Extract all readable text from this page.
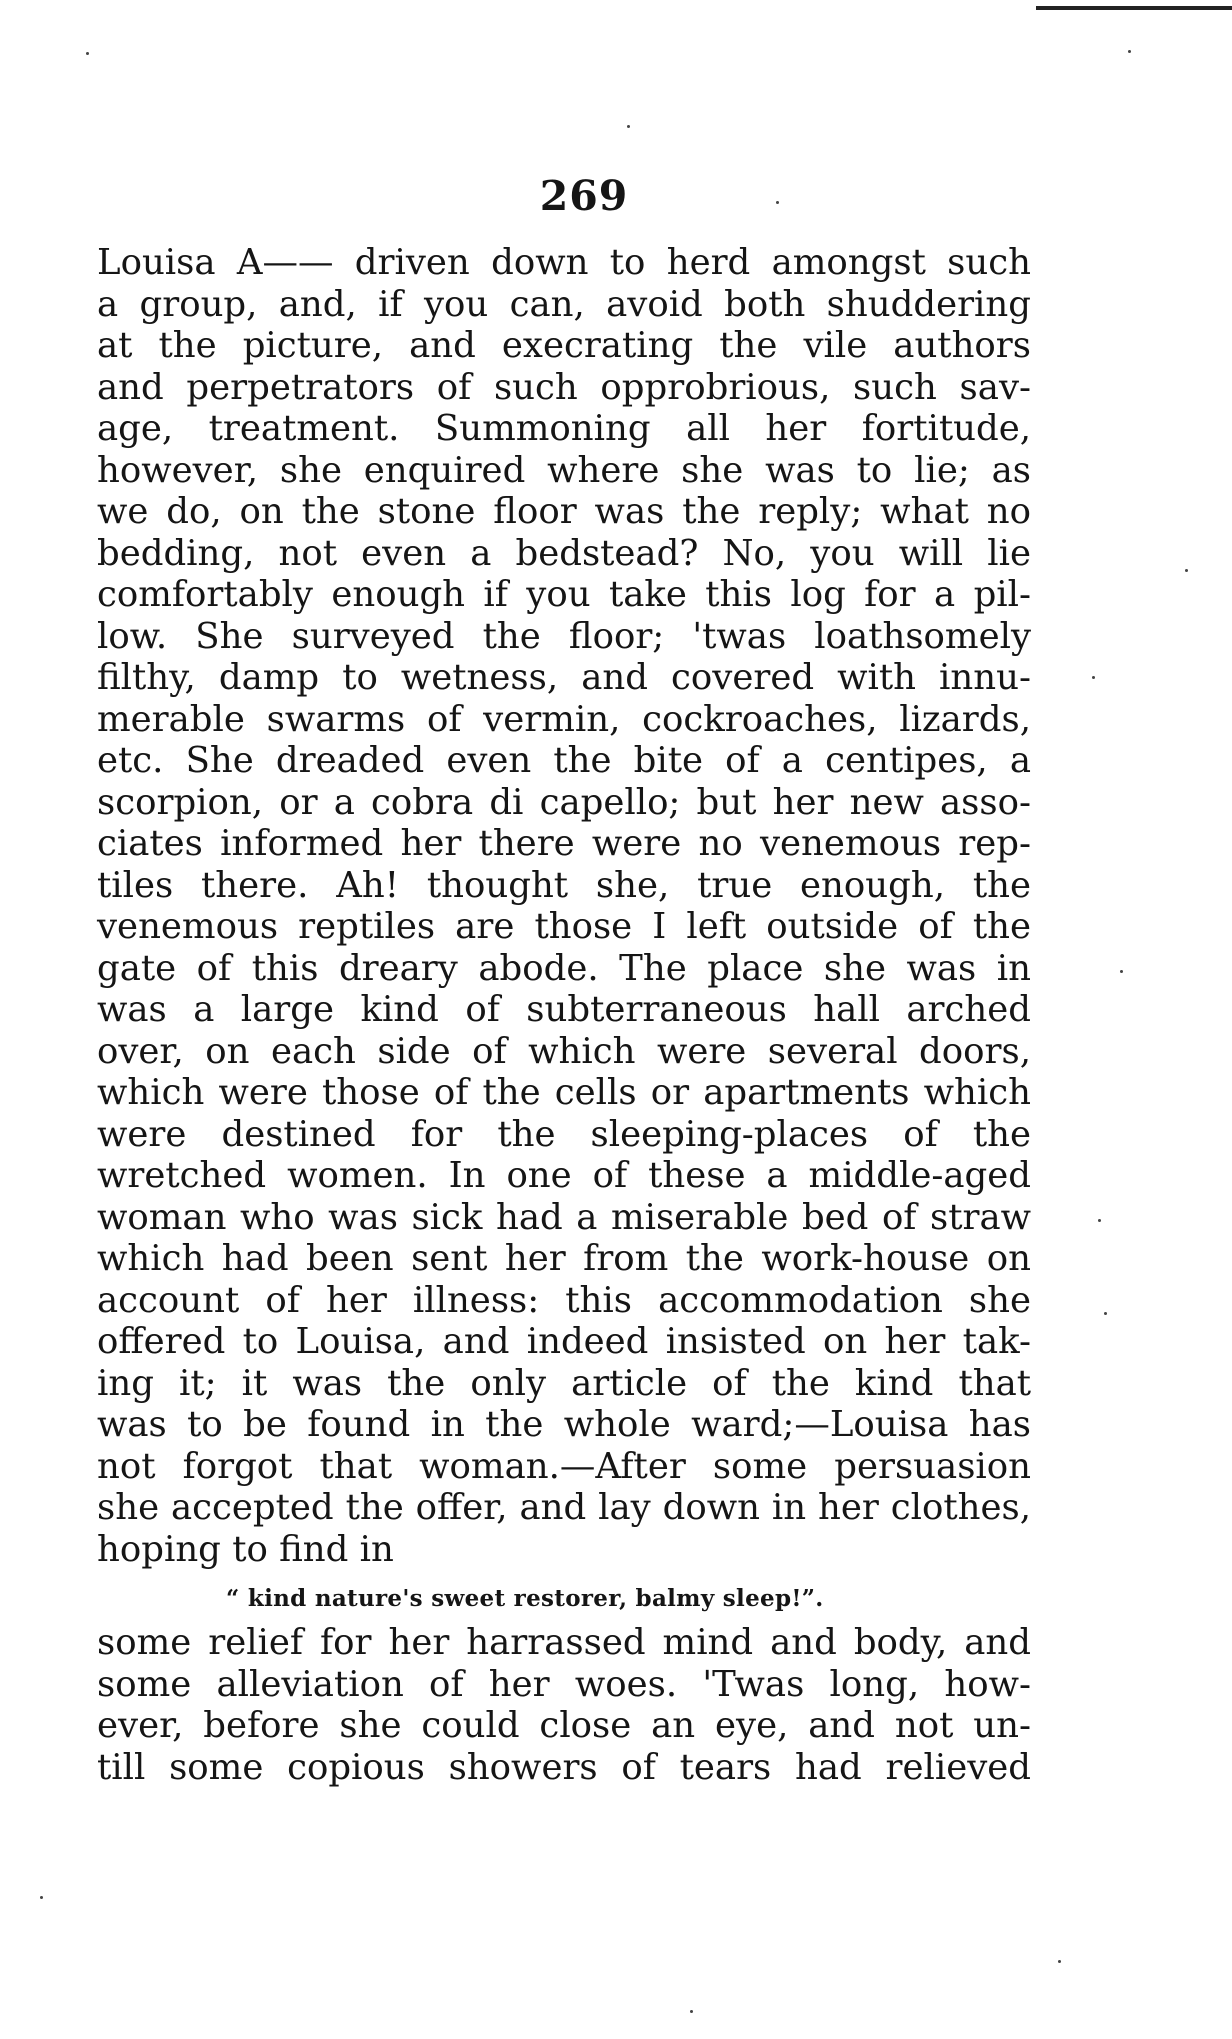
269
Louisa A—— driven down to herd amongst such
a group, and, if you can, avoid both shuddering
at the picture, and execrating the vile authors
and perpetrators of such opprobrious, such sav-
age, treatment. Summoning all her fortitude,
however, she enquired where she was to lie; as
we do, on the stone floor was the reply; what no
bedding, not even a bedstead? No, you will lie
comfortably enough if you take this log for a pil-
low. She surveyed the floor; 'twas loathsomely
filthy, damp to wetness, and covered with innu-
merable swarms of vermin, cockroaches, lizards,
etc. She dreaded even the bite of a centipes, a
scorpion, or a cobra di capello; but her new asso-
ciates informed her there were no venemous rep-
tiles there. Ah! thought she, true enough, the
venemous reptiles are those I left outside of the
gate of this dreary abode. The place she was in
was a large kind of subterraneous hall arched
over, on each side of which were several doors,
which were those of the cells or apartments which
were destined for the sleeping-places of the
wretched women. In one of these a middle-aged
woman who was sick had a miserable bed of straw
which had been sent her from the work-house on
account of her illness: this accommodation she
offered to Louisa, and indeed insisted on her tak-
ing it; it was the only article of the kind that
was to be found in the whole ward;—Louisa has
not forgot that woman.—After some persuasion
she accepted the offer, and lay down in her clothes,
hoping to find in
“ kind nature's sweet restorer, balmy sleep!”.
some relief for her harrassed mind and body, and
some alleviation of her woes. 'Twas long, how-
ever, before she could close an eye, and not un-
till some copious showers of tears had relieved
